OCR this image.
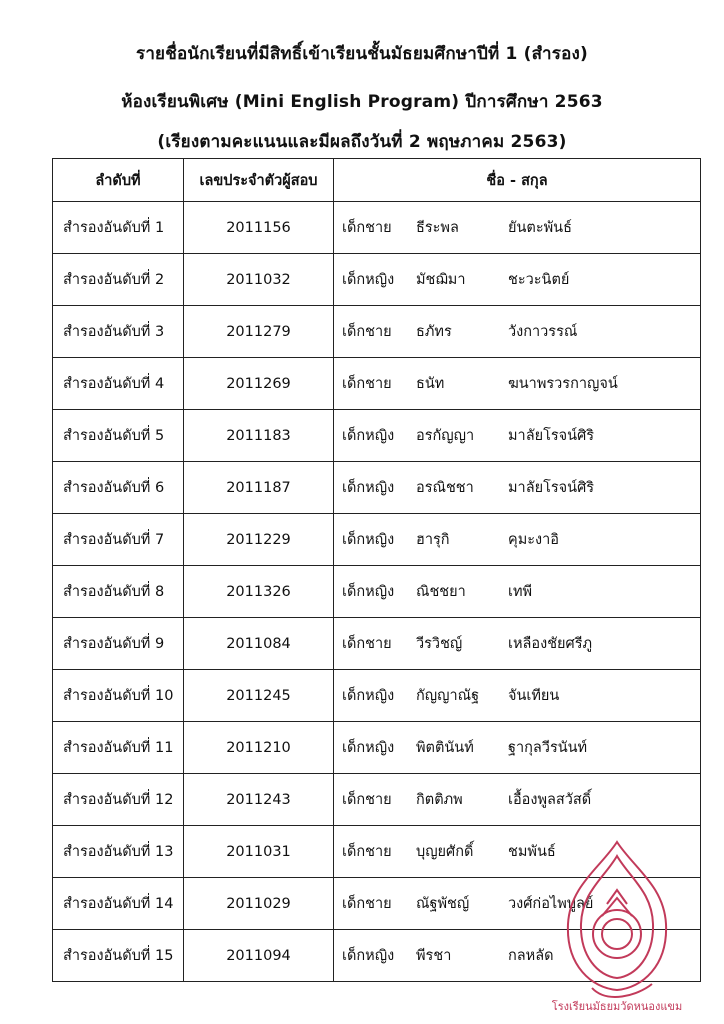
รายชื่อนักเรียนที่มีสิทธิ์เข้าเรียนชั้นมัธยมศึกษาปีที่ 1 (สำรอง)
ห้องเรียนพิเศษ (Mini English Program) ปีการศึกษา 2563
(เรียงตามคะแนนและมีผลถึงวันที่ 2 พฤษภาคม 2563)
ลำดับที่	เลขประจำตัวผู้สอบ	ชื่อ - สกุล
สำรองอันดับที่ 1	2011156	เด็กชาย ธีระพล ยันตะพันธ์
สำรองอันดับที่ 2	2011032	เด็กหญิง มัชฌิมา ชะวะนิตย์
สำรองอันดับที่ 3	2011279	เด็กชาย ธภัทร วังกาวรรณ์
สำรองอันดับที่ 4	2011269	เด็กชาย ธนัท ฆนาพรวรกาญจน์
สำรองอันดับที่ 5	2011183	เด็กหญิง อรกัญญา มาลัยโรจน์ศิริ
สำรองอันดับที่ 6	2011187	เด็กหญิง อรณิชชา มาลัยโรจน์ศิริ
สำรองอันดับที่ 7	2011229	เด็กหญิง ฮารุกิ คุมะงาอิ
สำรองอันดับที่ 8	2011326	เด็กหญิง ณิชชยา เทพี
สำรองอันดับที่ 9	2011084	เด็กชาย วีรวิชญ์ เหลืองชัยศรีภู
สำรองอันดับที่ 10	2011245	เด็กหญิง กัญญาณัฐ จันเทียน
สำรองอันดับที่ 11	2011210	เด็กหญิง พิตตินันท์ ฐากุลวีรนันท์
สำรองอันดับที่ 12	2011243	เด็กชาย กิตติภพ เอื้องพูลสวัสดิ์
สำรองอันดับที่ 13	2011031	เด็กชาย บุญยศักดิ์ ชมพันธ์
สำรองอันดับที่ 14	2011029	เด็กชาย ณัฐพัชญ์ วงศ์ก่อไพบูลย์
สำรองอันดับที่ 15	2011094	เด็กหญิง พีรชา กลหลัด
โรงเรียนมัธยมวัดหนองแขม
